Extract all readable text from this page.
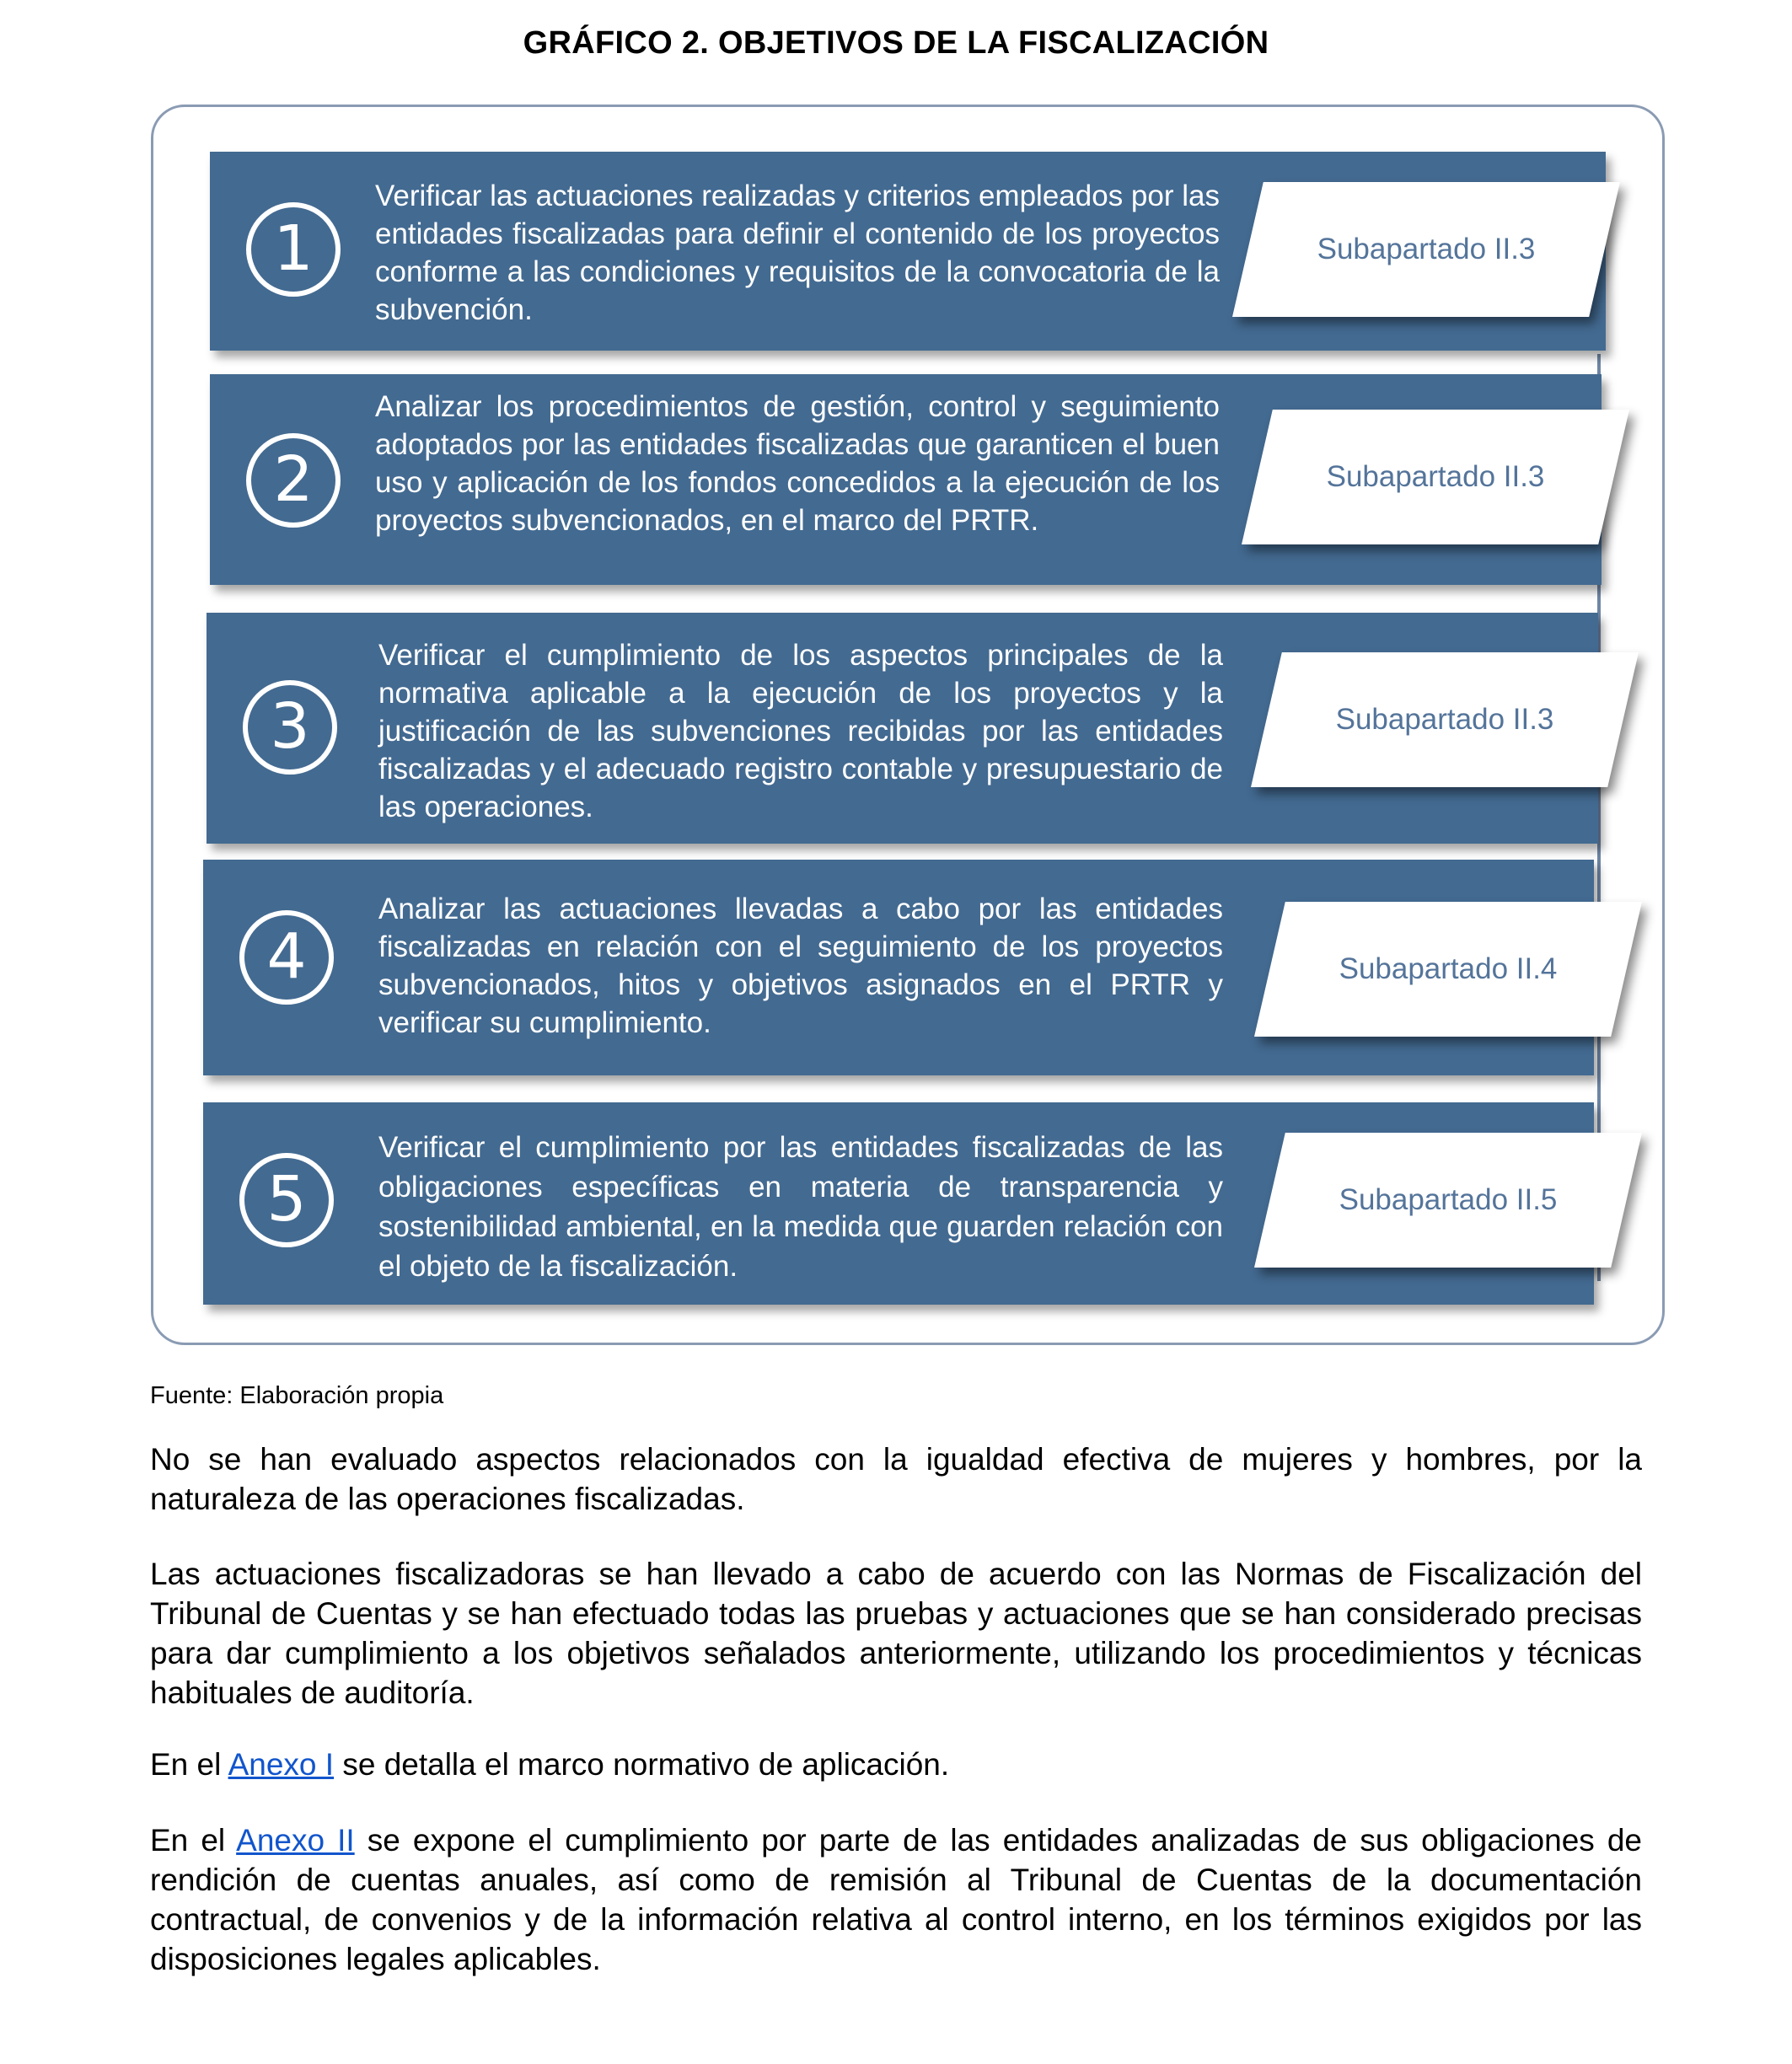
GRÁFICO 2. OBJETIVOS DE LA FISCALIZACIÓN
1
Verificar las actuaciones realizadas y criterios empleados por las entidades fiscalizadas para definir el contenido de los proyectos conforme a las condiciones y requisitos de la convocatoria de la subvención.
Subapartado II.3
2
Analizar los procedimientos de gestión, control y seguimiento adoptados por las entidades fiscalizadas que garanticen el buen uso y aplicación de los fondos concedidos a la ejecución de los proyectos subvencionados, en el marco del PRTR.
Subapartado II.3
3
Verificar el cumplimiento de los aspectos principales de la normativa aplicable a la ejecución de los proyectos y la justificación de las subvenciones recibidas por las entidades fiscalizadas y el adecuado registro contable y presupuestario de las operaciones.
Subapartado II.3
4
Analizar las actuaciones llevadas a cabo por las entidades fiscalizadas en relación con el seguimiento de los proyectos subvencionados, hitos y objetivos asignados en el PRTR y verificar su cumplimiento.
Subapartado II.4
5
Verificar el cumplimiento por las entidades fiscalizadas de las obligaciones específicas en materia de transparencia y sostenibilidad ambiental, en la medida que guarden relación con el objeto de la fiscalización.
Subapartado II.5
Fuente: Elaboración propia

No se han evaluado aspectos relacionados con la igualdad efectiva de mujeres y hombres, por la naturaleza de las operaciones fiscalizadas.

Las actuaciones fiscalizadoras se han llevado a cabo de acuerdo con las Normas de Fiscalización del Tribunal de Cuentas y se han efectuado todas las pruebas y actuaciones que se han considerado precisas para dar cumplimiento a los objetivos señalados anteriormente, utilizando los procedimientos y técnicas habituales de auditoría.

En el Anexo I se detalla el marco normativo de aplicación.

En el Anexo II se expone el cumplimiento por parte de las entidades analizadas de sus obligaciones de rendición de cuentas anuales, así como de remisión al Tribunal de Cuentas de la documentación contractual, de convenios y de la información relativa al control interno, en los términos exigidos por las disposiciones legales aplicables.
